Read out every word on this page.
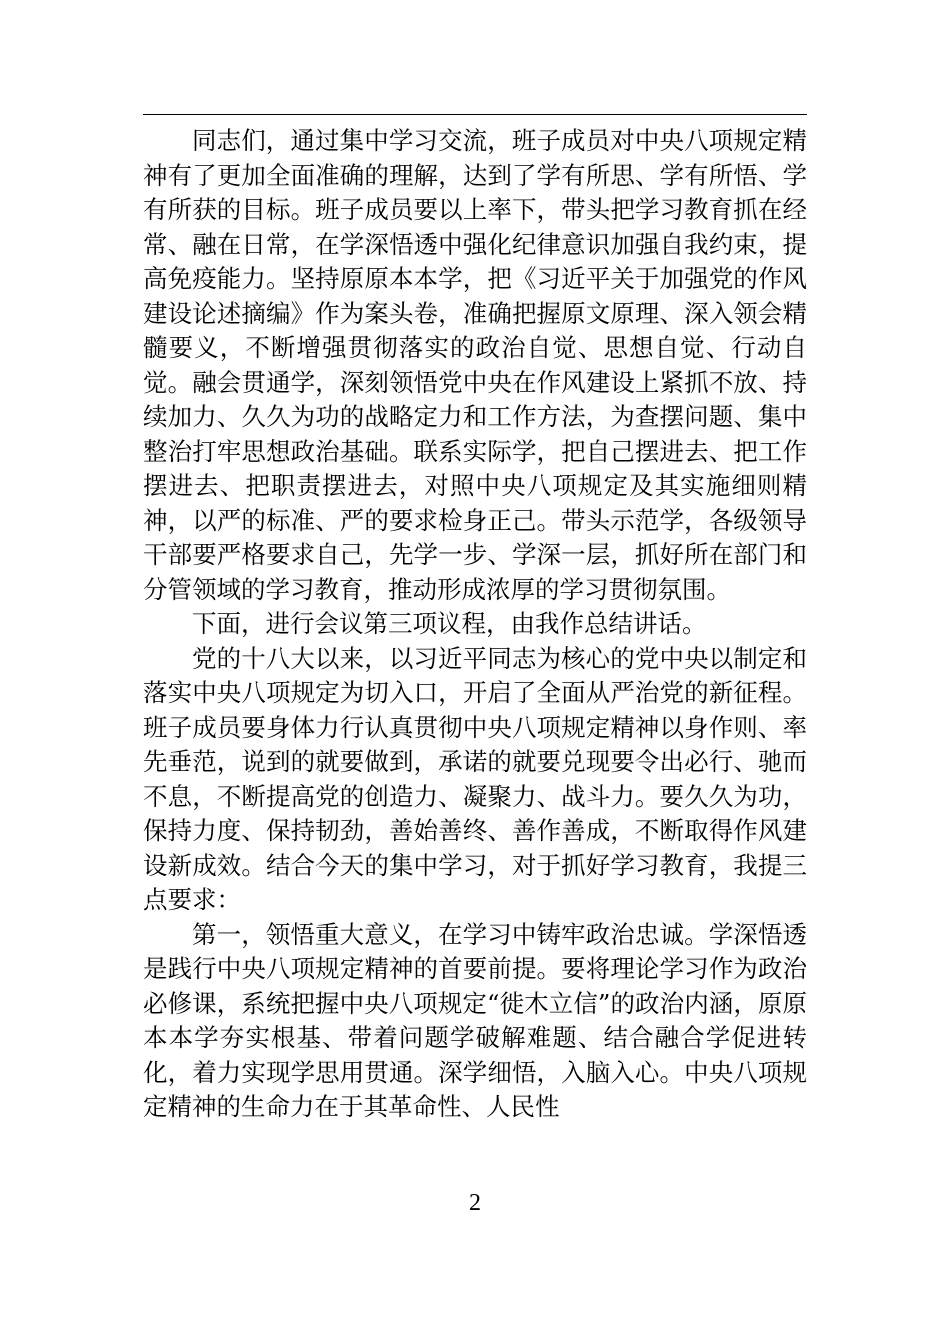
同志们，通过集中学习交流，班子成员对中央八项规定精神有了更加全面准确的理解，达到了学有所思、学有所悟、学有所获的目标。班子成员要以上率下，带头把学习教育抓在经常、融在日常，在学深悟透中强化纪律意识加强自我约束，提高免疫能力。坚持原原本本学，把《习近平关于加强党的作风建设论述摘编》作为案头卷，准确把握原文原理、深入领会精髓要义，不断增强贯彻落实的政治自觉、思想自觉、行动自觉。融会贯通学，深刻领悟党中央在作风建设上紧抓不放、持续加力、久久为功的战略定力和工作方法，为查摆问题、集中整治打牢思想政治基础。联系实际学，把自己摆进去、把工作摆进去、把职责摆进去，对照中央八项规定及其实施细则精神，以严的标准、严的要求检身正己。带头示范学，各级领导干部要严格要求自己，先学一步、学深一层，抓好所在部门和分管领域的学习教育，推动形成浓厚的学习贯彻氛围。

下面，进行会议第三项议程，由我作总结讲话。

党的十八大以来，以习近平同志为核心的党中央以制定和落实中央八项规定为切入口，开启了全面从严治党的新征程。班子成员要身体力行认真贯彻中央八项规定精神以身作则、率先垂范，说到的就要做到，承诺的就要兑现要令出必行、驰而不息，不断提高党的创造力、凝聚力、战斗力。要久久为功，保持力度、保持韧劲，善始善终、善作善成，不断取得作风建设新成效。结合今天的集中学习，对于抓好学习教育，我提三点要求：

第一，领悟重大意义，在学习中铸牢政治忠诚。学深悟透是践行中央八项规定精神的首要前提。要将理论学习作为政治必修课，系统把握中央八项规定“徙木立信”的政治内涵，原原本本学夯实根基、带着问题学破解难题、结合融合学促进转化，着力实现学思用贯通。深学细悟，入脑入心。中央八项规定精神的生命力在于其革命性、人民性

2
